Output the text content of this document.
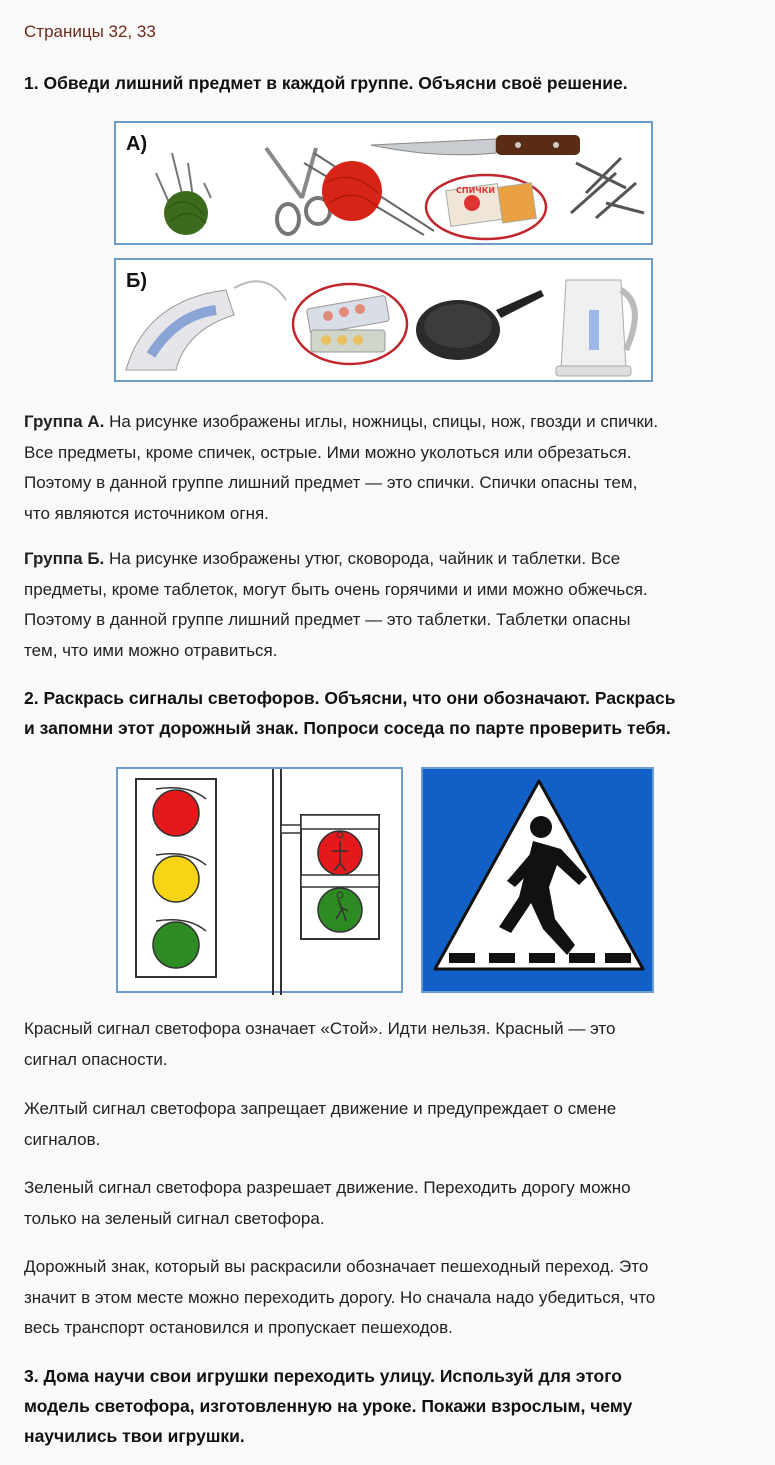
Страницы 32, 33
1. Обведи лишний предмет в каждой группе. Объясни своё решение.
А)
СПИЧКИ
Б)
Группа А. На рисунке изображены иглы, ножницы, спицы, нож, гвозди и спички.
Все предметы, кроме спичек, острые. Ими можно уколоться или обрезаться.
Поэтому в данной группе лишний предмет — это спички. Спички опасны тем,
что являются источником огня.
Группа Б. На рисунке изображены утюг, сковорода, чайник и таблетки. Все
предметы, кроме таблеток, могут быть очень горячими и ими можно обжечься.
Поэтому в данной группе лишний предмет — это таблетки. Таблетки опасны
тем, что ими можно отравиться.
2. Раскрась сигналы светофоров. Объясни, что они обозначают. Раскрась
и запомни этот дорожный знак. Попроси соседа по парте проверить тебя.
Красный сигнал светофора означает «Стой». Идти нельзя. Красный — это
сигнал опасности.
Желтый сигнал светофора запрещает движение и предупреждает о смене
сигналов.
Зеленый сигнал светофора разрешает движение. Переходить дорогу можно
только на зеленый сигнал светофора.
Дорожный знак, который вы раскрасили обозначает пешеходный переход. Это
значит в этом месте можно переходить дорогу. Но сначала надо убедиться, что
весь транспорт остановился и пропускает пешеходов.
3. Дома научи свои игрушки переходить улицу. Используй для этого
модель светофора, изготовленную на уроке. Покажи взрослым, чему
научились твои игрушки.
